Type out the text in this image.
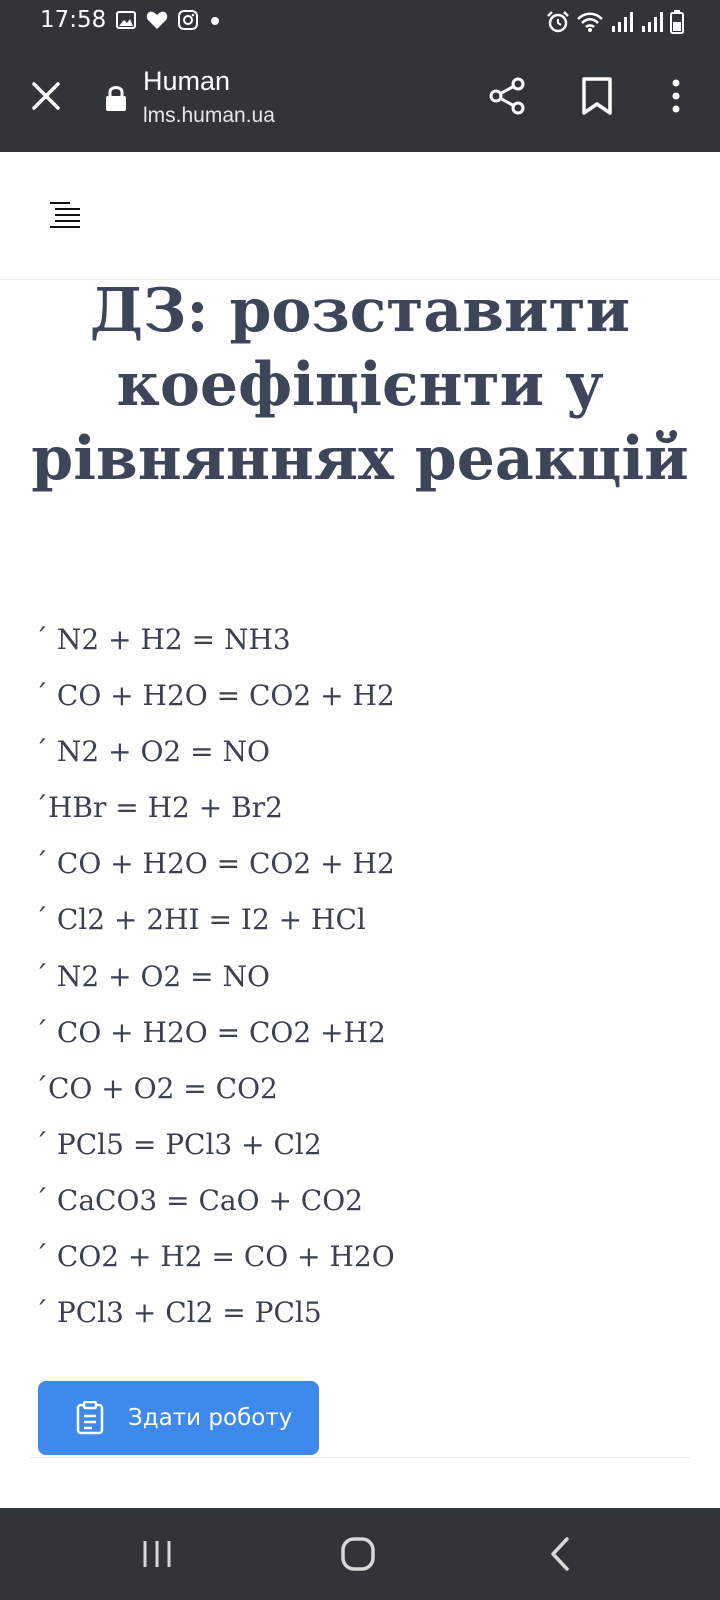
17:58
Human
lms.human.ua
ДЗ: розставити
коефіцієнти у
рівняннях реакцій
´ N2 + H2 = NH3
´ CO + H2O = CO2 + H2
´ N2 + O2 = NO
´HBr = H2 + Br2
´ CO + H2O = CO2 + H2
´ Cl2 + 2HI = I2 + HCl
´ N2 + O2 = NO
´ CO + H2O = CO2 +H2
´CO + O2 = CO2
´ PCl5 = PCl3 + Cl2
´ CaCO3 = CaO + CO2
´ CO2 + H2 = CO + H2O
´ PCl3 + Cl2 = PCl5
Здати роботу
